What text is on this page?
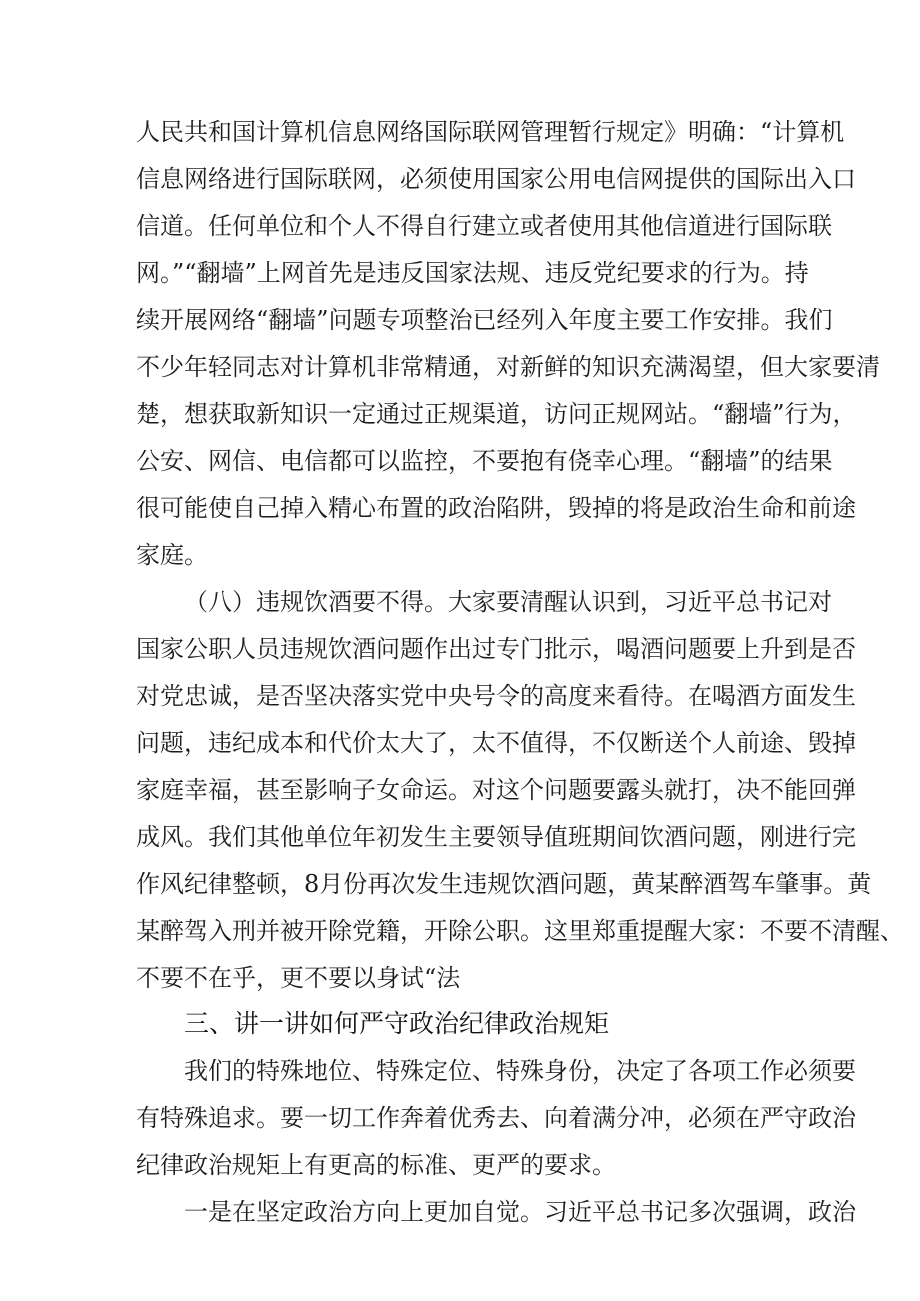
人民共和国计算机信息网络国际联网管理暂行规定》明确：“计算机
信息网络进行国际联网，必须使用国家公用电信网提供的国际出入口
信道。任何单位和个人不得自行建立或者使用其他信道进行国际联
网。”“翻墙”上网首先是违反国家法规、违反党纪要求的行为。持
续开展网络“翻墙”问题专项整治已经列入年度主要工作安排。我们
不少年轻同志对计算机非常精通，对新鲜的知识充满渴望，但大家要清
楚，想获取新知识一定通过正规渠道，访问正规网站。“翻墙”行为，
公安、网信、电信都可以监控，不要抱有侥幸心理。“翻墙”的结果
很可能使自己掉入精心布置的政治陷阱，毁掉的将是政治生命和前途
家庭。
（八）违规饮酒要不得。大家要清醒认识到，习近平总书记对
国家公职人员违规饮酒问题作出过专门批示，喝酒问题要上升到是否
对党忠诚，是否坚决落实党中央号令的高度来看待。在喝酒方面发生
问题，违纪成本和代价太大了，太不值得，不仅断送个人前途、毁掉
家庭幸福，甚至影响子女命运。对这个问题要露头就打，决不能回弹
成风。我们其他单位年初发生主要领导值班期间饮酒问题，刚进行完
作风纪律整顿，8月份再次发生违规饮酒问题，黄某醉酒驾车肇事。黄
某醉驾入刑并被开除党籍，开除公职。这里郑重提醒大家：不要不清醒、
不要不在乎，更不要以身试“法
三、讲一讲如何严守政治纪律政治规矩
我们的特殊地位、特殊定位、特殊身份，决定了各项工作必须要
有特殊追求。要一切工作奔着优秀去、向着满分冲，必须在严守政治
纪律政治规矩上有更高的标准、更严的要求。
一是在坚定政治方向上更加自觉。习近平总书记多次强调，政治
